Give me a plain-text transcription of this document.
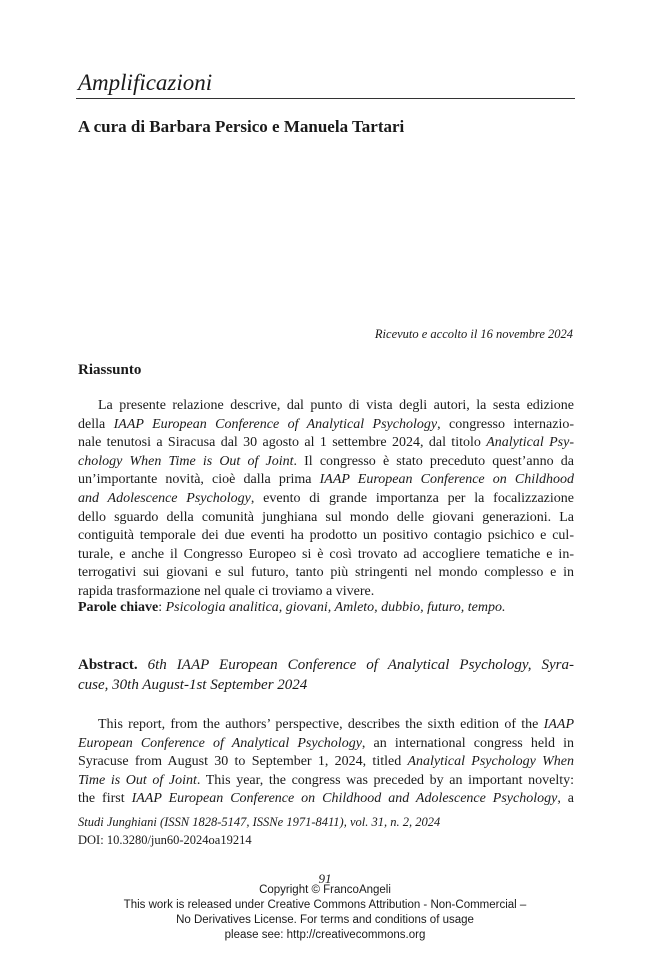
Amplificazioni
A cura di Barbara Persico e Manuela Tartari
Ricevuto e accolto il 16 novembre 2024
Riassunto
La presente relazione descrive, dal punto di vista degli autori, la sesta edizione
della IAAP European Conference of Analytical Psychology, congresso internazio-
nale tenutosi a Siracusa dal 30 agosto al 1 settembre 2024, dal titolo Analytical Psy-
chology When Time is Out of Joint. Il congresso è stato preceduto quest’anno da
un’importante novità, cioè dalla prima IAAP European Conference on Childhood
and Adolescence Psychology, evento di grande importanza per la focalizzazione
dello sguardo della comunità junghiana sul mondo delle giovani generazioni. La
contiguità temporale dei due eventi ha prodotto un positivo contagio psichico e cul-
turale, e anche il Congresso Europeo si è così trovato ad accogliere tematiche e in-
terrogativi sui giovani e sul futuro, tanto più stringenti nel mondo complesso e in
rapida trasformazione nel quale ci troviamo a vivere.
Parole chiave: Psicologia analitica, giovani, Amleto, dubbio, futuro, tempo.
Abstract. 6th IAAP European Conference of Analytical Psychology, Syra-
cuse, 30th August-1st September 2024
This report, from the authors’ perspective, describes the sixth edition of the IAAP
European Conference of Analytical Psychology, an international congress held in
Syracuse from August 30 to September 1, 2024, titled Analytical Psychology When
Time is Out of Joint. This year, the congress was preceded by an important novelty:
the first IAAP European Conference on Childhood and Adolescence Psychology, a
Studi Junghiani (ISSN 1828-5147, ISSNe 1971-8411), vol. 31, n. 2, 2024
DOI: 10.3280/jun60-2024oa19214
91
Copyright © FrancoAngeli
This work is released under Creative Commons Attribution - Non-Commercial –
No Derivatives License. For terms and conditions of usage
please see: http://creativecommons.org
